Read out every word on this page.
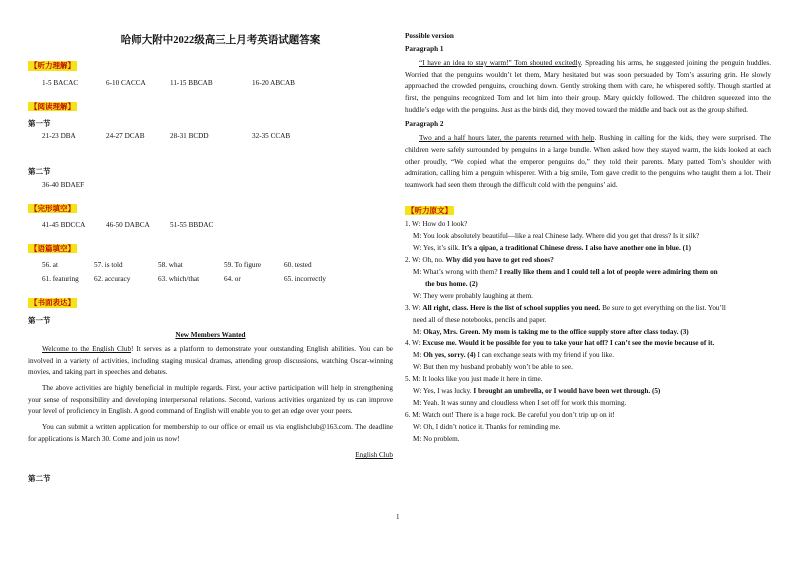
哈师大附中2022级高三上月考英语试题答案
【听力理解】
1-5 BACAC	6-10 CACCA	11-15 BBCAB	16-20 ABCAB
【阅读理解】
第一节
21-23 DBA	24-27 DCAB	28-31 BCDD	32-35 CCAB
第二节
36-40 BDAEF
【完形填空】
41-45 BDCCA	46-50 DABCA	51-55 BBDAC
【语篇填空】
56. at	57. is told	58. what	59. To figure	60. tested
61. featuring	62. accuracy	63. which/that	64. or	65. incorrectly
【书面表达】
第一节
New Members Wanted

Welcome to the English Club! It serves as a platform to demonstrate your outstanding English abilities. You can be involved in a variety of activities, including staging musical dramas, attending group discussions, watching Oscar-winning movies, and taking part in speeches and debates.

The above activities are highly beneficial in multiple regards. First, your active participation will help in strengthening your sense of responsibility and developing interpersonal relations. Second, various activities organized by us can improve your level of proficiency in English. A good command of English will enable you to get an edge over your peers.

You can submit a written application for membership to our office or email us via englishclub@163.com. The deadline for applications is March 30. Come and join us now!

English Club
第二节
1
Possible version
Paragraph 1

“I have an idea to stay warm!” Tom shouted excitedly. Spreading his arms, he suggested joining the penguin huddles. Worried that the penguins wouldn’t let them, Mary hesitated but was soon persuaded by Tom’s assuring grin. He slowly approached the crowded penguins, crouching down. Gently stroking them with care, he whispered softly. Though startled at first, the penguins recognized Tom and let him into their group. Mary quickly followed. The children squeezed into the huddle’s edge with the penguins. Just as the birds did, they moved toward the middle and back out as the group shifted.

Paragraph 2

Two and a half hours later, the parents returned with help. Rushing in calling for the kids, they were surprised. The children were safely surrounded by penguins in a large bundle. When asked how they stayed warm, the kids looked at each other proudly, “We copied what the emperor penguins do,” they told their parents. Mary patted Tom’s shoulder with admiration, calling him a penguin whisperer. With a big smile, Tom gave credit to the penguins who taught them a lot. Their teamwork had seen them through the difficult cold with the penguins’ aid.

【听力原文】

1. W: How do I look?

M: You look absolutely beautiful—like a real Chinese lady. Where did you get that dress? Is it silk?

W: Yes, it’s silk. It’s a qipao, a traditional Chinese dress. I also have another one in blue. (1)

2. W: Oh, no. Why did you have to get red shoes?

M: What’s wrong with them? I really like them and I could tell a lot of people were admiring them on

the bus home. (2)

W: They were probably laughing at them.

3. W: All right, class. Here is the list of school supplies you need. Be sure to get everything on the list. You’ll

need all of these notebooks, pencils and paper.

M: Okay, Mrs. Green. My mom is taking me to the office supply store after class today. (3)

4. W: Excuse me. Would it be possible for you to take your hat off? I can’t see the movie because of it.

M: Oh yes, sorry. (4) I can exchange seats with my friend if you like.

W: But then my husband probably won’t be able to see.

5. M: It looks like you just made it here in time.

W: Yes, I was lucky. I brought an umbrella, or I would have been wet through. (5)

M: Yeah. It was sunny and cloudless when I set off for work this morning.

6. M: Watch out! There is a huge rock. Be careful you don’t trip up on it!

W: Oh, I didn’t notice it. Thanks for reminding me.

M: No problem.
